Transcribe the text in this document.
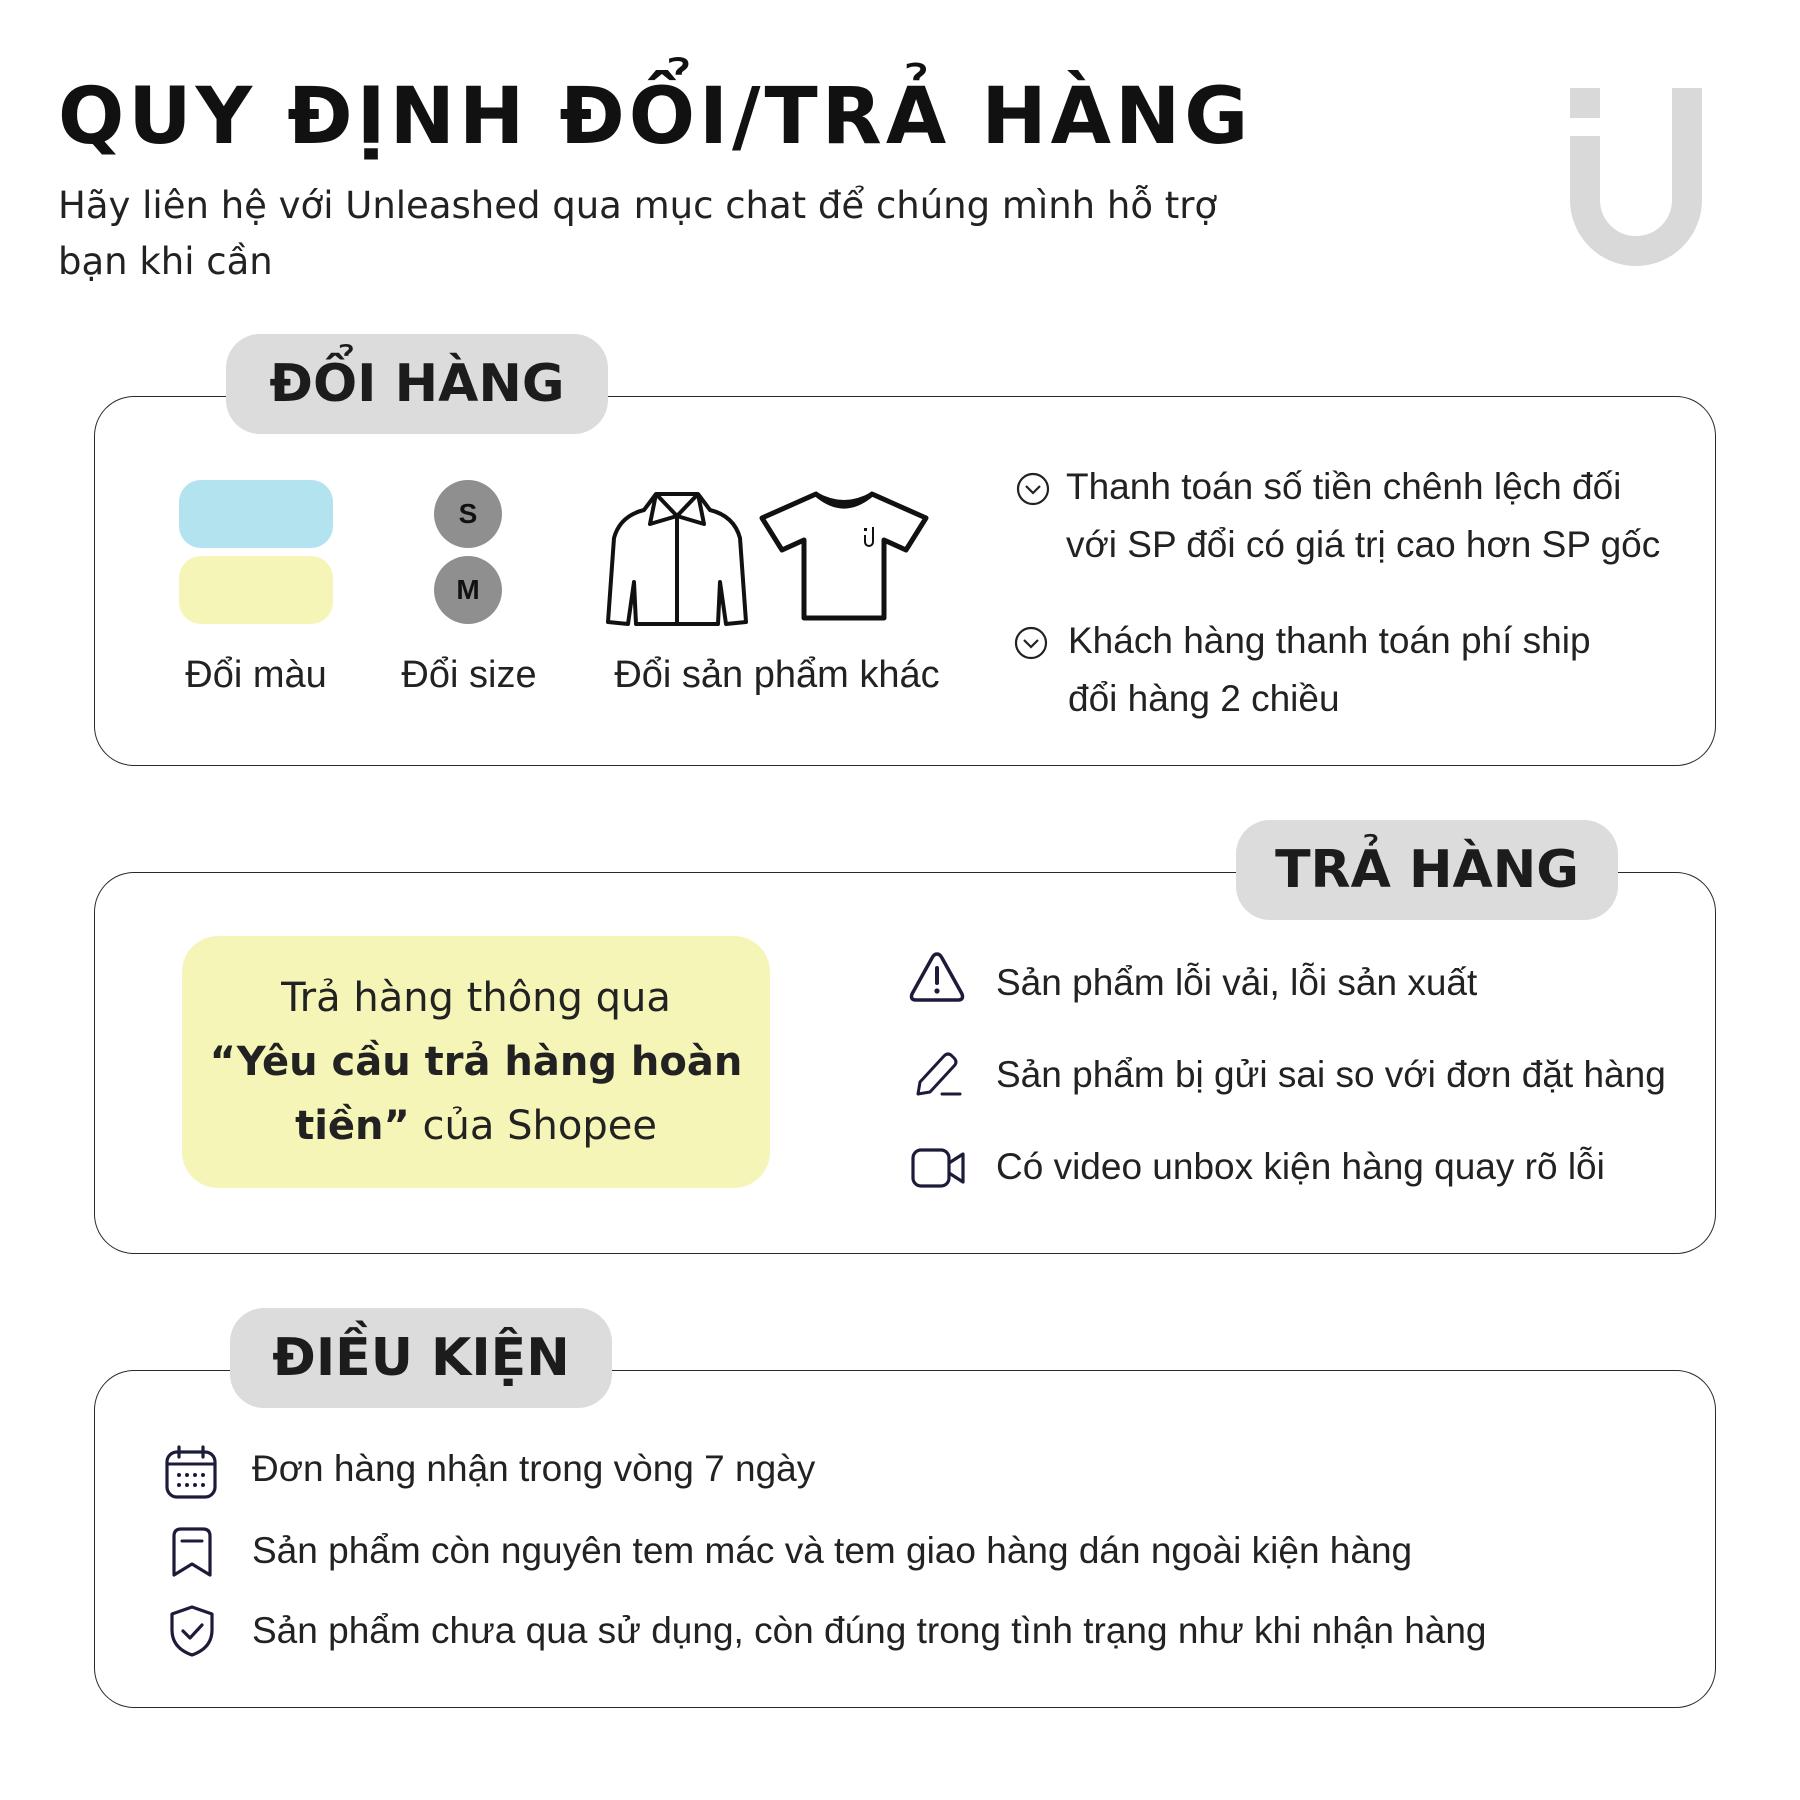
QUY ĐỊNH ĐỔI/TRẢ HÀNG

Hãy liên hệ với Unleashed qua mục chat để chúng mình hỗ trợ bạn khi cần

ĐỔI HÀNG
Đổi màu
S
M
Đổi size	Đổi sản phẩm khác
Thanh toán số tiền chênh lệch đối với SP đổi có giá trị cao hơn SP gốc
Khách hàng thanh toán phí ship đổi hàng 2 chiều
TRẢ HÀNG
Trả hàng thông qua
“Yêu cầu trả hàng hoàn tiền” của Shopee
Sản phẩm lỗi vải, lỗi sản xuất
Sản phẩm bị gửi sai so với đơn đặt hàng
Có video unbox kiện hàng quay rõ lỗi
ĐIỀU KIỆN
Đơn hàng nhận trong vòng 7 ngày
Sản phẩm còn nguyên tem mác và tem giao hàng dán ngoài kiện hàng
Sản phẩm chưa qua sử dụng, còn đúng trong tình trạng như khi nhận hàng
